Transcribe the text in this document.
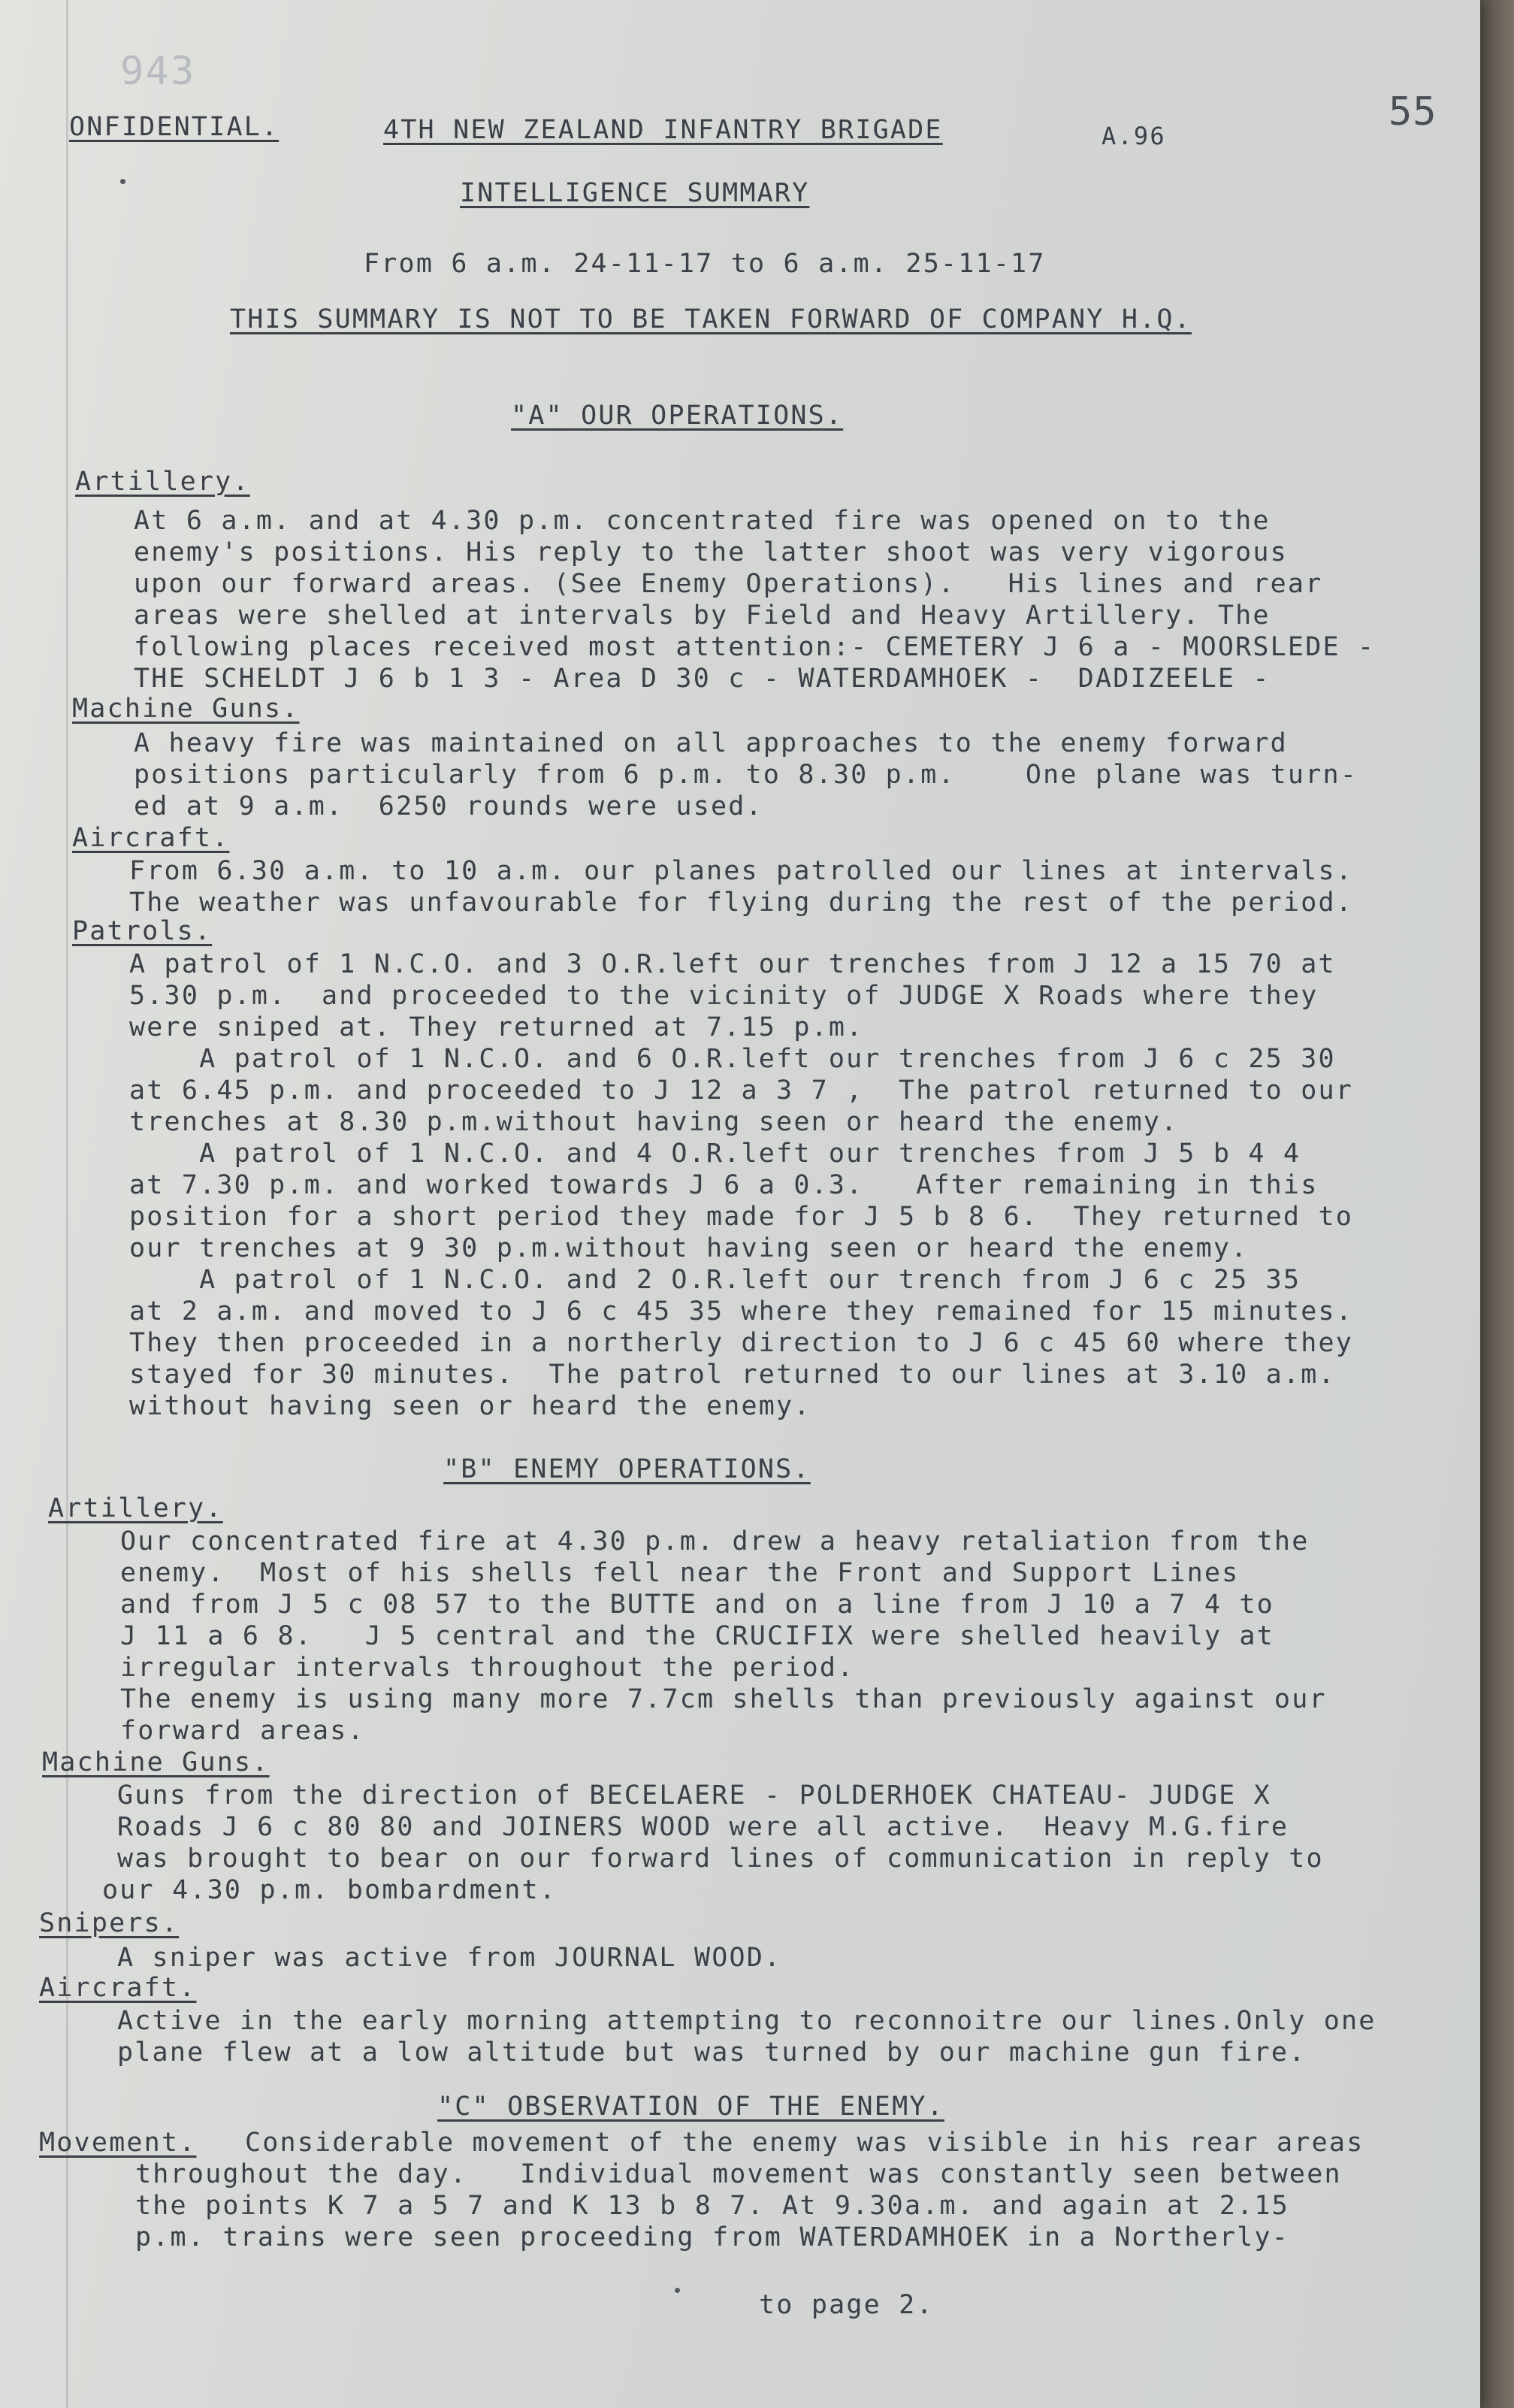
943
ONFIDENTIAL.	4TH NEW ZEALAND INFANTRY BRIGADE	A.96
55
INTELLIGENCE SUMMARY
From 6 a.m. 24-11-17 to 6 a.m. 25-11-17
THIS SUMMARY IS NOT TO BE TAKEN FORWARD OF COMPANY H.Q.
"A" OUR OPERATIONS.
Artillery.
At 6 a.m. and at 4.30 p.m. concentrated fire was opened on to the
enemy's positions. His reply to the latter shoot was very vigorous
upon our forward areas. (See Enemy Operations).   His lines and rear
areas were shelled at intervals by Field and Heavy Artillery. The
following places received most attention:- CEMETERY J 6 a - MOORSLEDE -
THE SCHELDT J 6 b 1 3 - Area D 30 c - WATERDAMHOEK -  DADIZEELE -
Machine Guns.
A heavy fire was maintained on all approaches to the enemy forward
positions particularly from 6 p.m. to 8.30 p.m.    One plane was turn-
ed at 9 a.m.  6250 rounds were used.
Aircraft.
From 6.30 a.m. to 10 a.m. our planes patrolled our lines at intervals.
The weather was unfavourable for flying during the rest of the period.
Patrols.
A patrol of 1 N.C.O. and 3 O.R.left our trenches from J 12 a 15 70 at
5.30 p.m.  and proceeded to the vicinity of JUDGE X Roads where they
were sniped at. They returned at 7.15 p.m.
A patrol of 1 N.C.O. and 6 O.R.left our trenches from J 6 c 25 30
at 6.45 p.m. and proceeded to J 12 a 3 7 ,  The patrol returned to our
trenches at 8.30 p.m.without having seen or heard the enemy.
A patrol of 1 N.C.O. and 4 O.R.left our trenches from J 5 b 4 4
at 7.30 p.m. and worked towards J 6 a 0.3.   After remaining in this
position for a short period they made for J 5 b 8 6.  They returned to
our trenches at 9 30 p.m.without having seen or heard the enemy.
A patrol of 1 N.C.O. and 2 O.R.left our trench from J 6 c 25 35
at 2 a.m. and moved to J 6 c 45 35 where they remained for 15 minutes.
They then proceeded in a northerly direction to J 6 c 45 60 where they
stayed for 30 minutes.  The patrol returned to our lines at 3.10 a.m.
without having seen or heard the enemy.
"B" ENEMY OPERATIONS.
Artillery.
Our concentrated fire at 4.30 p.m. drew a heavy retaliation from the
enemy.  Most of his shells fell near the Front and Support Lines
and from J 5 c 08 57 to the BUTTE and on a line from J 10 a 7 4 to
J 11 a 6 8.   J 5 central and the CRUCIFIX were shelled heavily at
irregular intervals throughout the period.
The enemy is using many more 7.7cm shells than previously against our
forward areas.
Machine Guns.
Guns from the direction of BECELAERE - POLDERHOEK CHATEAU- JUDGE X
Roads J 6 c 80 80 and JOINERS WOOD were all active.  Heavy M.G.fire
was brought to bear on our forward lines of communication in reply to
our 4.30 p.m. bombardment.
Snipers.
A sniper was active from JOURNAL WOOD.
Aircraft.
Active in the early morning attempting to reconnoitre our lines.Only one
plane flew at a low altitude but was turned by our machine gun fire.
"C" OBSERVATION OF THE ENEMY.
Movement. Considerable movement of the enemy was visible in his rear areas
throughout the day.   Individual movement was constantly seen between
the points K 7 a 5 7 and K 13 b 8 7. At 9.30a.m. and again at 2.15
p.m. trains were seen proceeding from WATERDAMHOEK in a Northerly-
to page 2.
